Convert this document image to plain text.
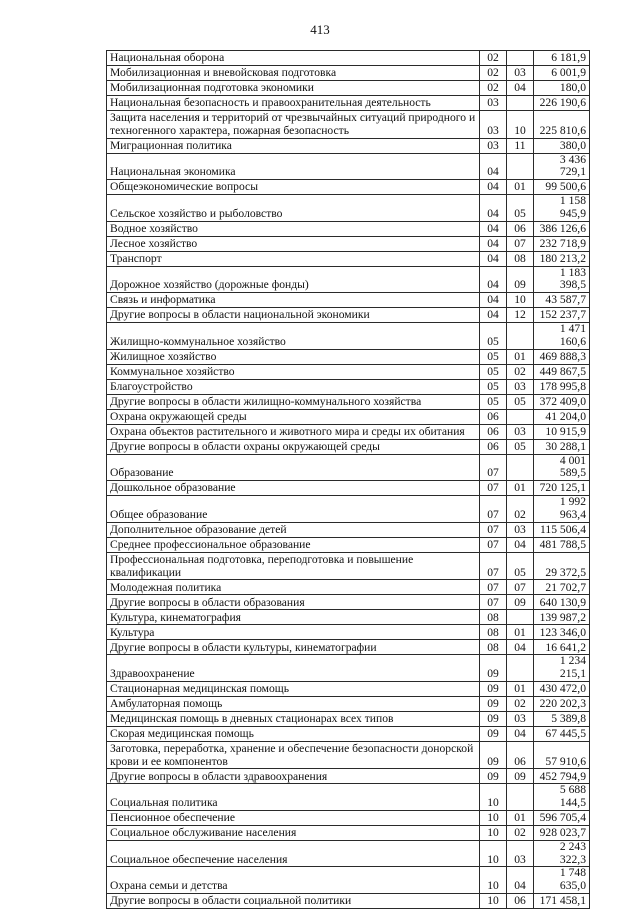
413
Национальная оборона	02		6 181,9
Мобилизационная и вневойсковая подготовка	02	03	6 001,9
Мобилизационная подготовка экономики	02	04	180,0
Национальная безопасность и правоохранительная деятельность	03		226 190,6
Защита населения и территорий от чрезвычайных ситуаций природного и техногенного характера, пожарная безопасность	03	10	225 810,6
Миграционная политика	03	11	380,0
Национальная экономика	04		3 436 729,1
Общеэкономические вопросы	04	01	99 500,6
Сельское хозяйство и рыболовство	04	05	1 158 945,9
Водное хозяйство	04	06	386 126,6
Лесное хозяйство	04	07	232 718,9
Транспорт	04	08	180 213,2
Дорожное хозяйство (дорожные фонды)	04	09	1 183 398,5
Связь и информатика	04	10	43 587,7
Другие вопросы в области национальной экономики	04	12	152 237,7
Жилищно-коммунальное хозяйство	05		1 471 160,6
Жилищное хозяйство	05	01	469 888,3
Коммунальное хозяйство	05	02	449 867,5
Благоустройство	05	03	178 995,8
Другие вопросы в области жилищно-коммунального хозяйства	05	05	372 409,0
Охрана окружающей среды	06		41 204,0
Охрана объектов растительного и животного мира и среды их обитания	06	03	10 915,9
Другие вопросы в области охраны окружающей среды	06	05	30 288,1
Образование	07		4 001 589,5
Дошкольное образование	07	01	720 125,1
Общее образование	07	02	1 992 963,4
Дополнительное образование детей	07	03	115 506,4
Среднее профессиональное образование	07	04	481 788,5
Профессиональная подготовка, переподготовка и повышение квалификации	07	05	29 372,5
Молодежная политика	07	07	21 702,7
Другие вопросы в области образования	07	09	640 130,9
Культура, кинематография	08		139 987,2
Культура	08	01	123 346,0
Другие вопросы в области культуры, кинематографии	08	04	16 641,2
Здравоохранение	09		1 234 215,1
Стационарная медицинская помощь	09	01	430 472,0
Амбулаторная помощь	09	02	220 202,3
Медицинская помощь в дневных стационарах всех типов	09	03	5 389,8
Скорая медицинская помощь	09	04	67 445,5
Заготовка, переработка, хранение и обеспечение безопасности донорской крови и ее компонентов	09	06	57 910,6
Другие вопросы в области здравоохранения	09	09	452 794,9
Социальная политика	10		5 688 144,5
Пенсионное обеспечение	10	01	596 705,4
Социальное обслуживание населения	10	02	928 023,7
Социальное обеспечение населения	10	03	2 243 322,3
Охрана семьи и детства	10	04	1 748 635,0
Другие вопросы в области социальной политики	10	06	171 458,1
